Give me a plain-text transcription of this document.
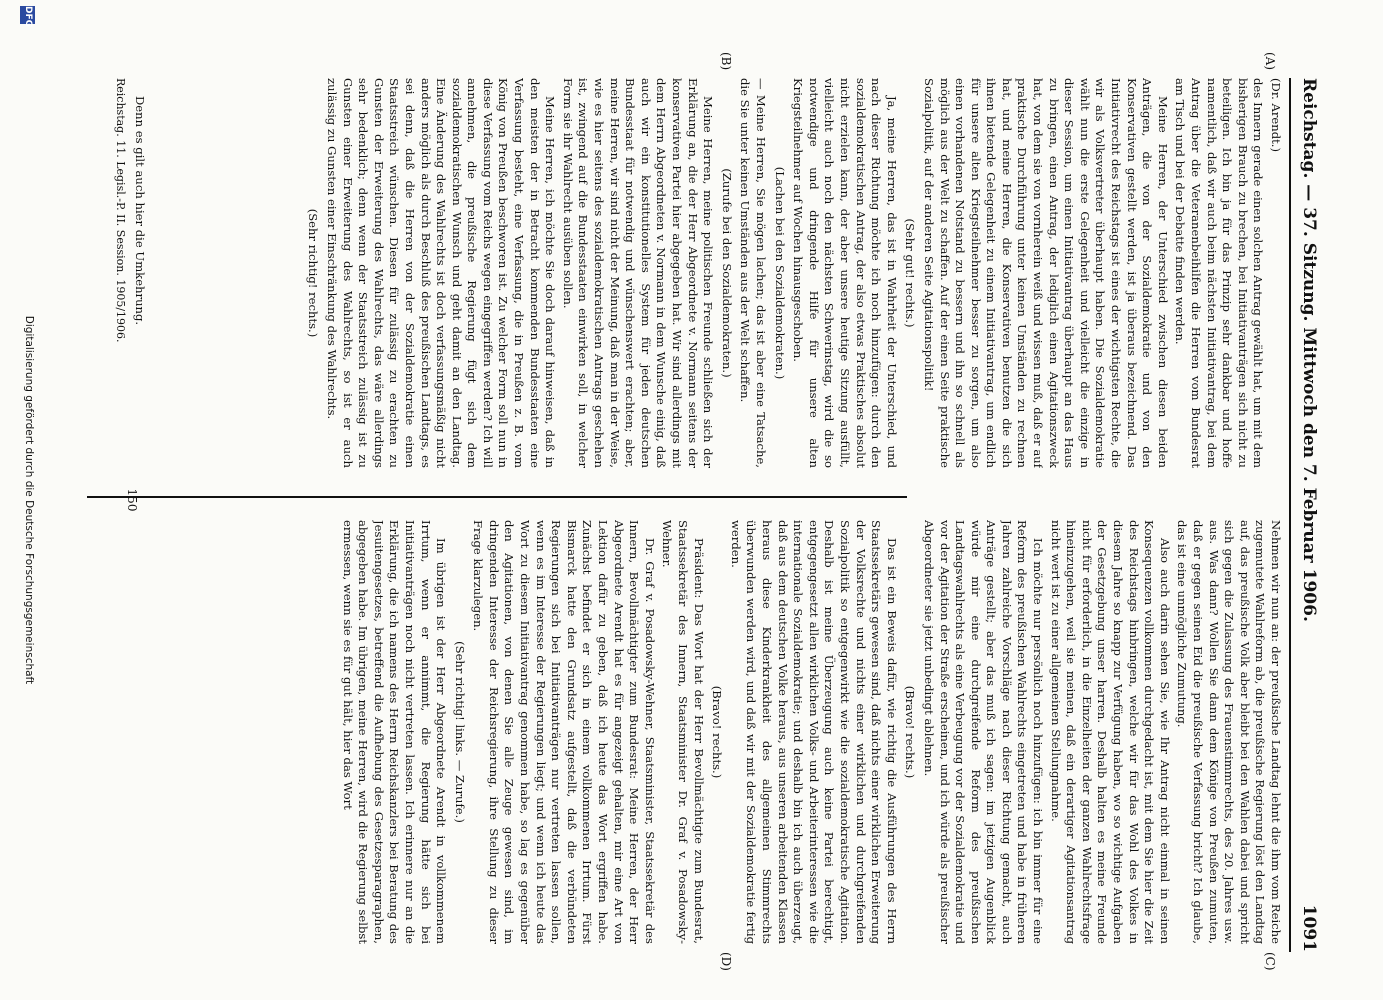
Reichstag. — 37. Sitzung. Mittwoch den 7. Februar 1906.
1091

(Dr. Arendt.)

des Innern gerade einen solchen Antrag gewählt hat, um mit dem bisherigen Brauch zu brechen, bei Initiativanträgen sich nicht zu beteiligen. Ich bin ja für das Prinzip sehr dankbar und hoffe namentlich, daß wir auch beim nächsten Initiativantrag, bei dem Antrag über die Veteranenbeihilfen die Herren vom Bundesrat am Tisch und bei der Debatte finden werden.

Meine Herren, der Unterschied zwischen diesen beiden Anträgen, die von der Sozialdemokratie und von den Konservativen gestellt werden, ist ja überaus bezeichnend. Das Initiativrecht des Reichstags ist eines der wichtigsten Rechte, die wir als Volksvertreter überhaupt haben. Die Sozialdemokratie wählt nun die erste Gelegenheit und vielleicht die einzige in dieser Session, um einen Initiativantrag überhaupt an das Haus zu bringen, einen Antrag, der lediglich einen Agitationszweck hat, von dem sie von vornherein weiß und wissen muß, daß er auf praktische Durchführung unter keinen Umständen zu rechnen hat, und meine Herren, die Konservativen benutzen die sich ihnen bietende Gelegenheit zu einem Initiativantrag, um endlich für unsere alten Kriegsteilnehmer besser zu sorgen, um also einen vorhandenen Notstand zu bessern und ihn so schnell als möglich aus der Welt zu schaffen. Auf der einen Seite praktische Sozialpolitik, auf der anderen Seite Agitationspolitik!

(Sehr gut! rechts.)

Ja, meine Herren, das ist in Wahrheit der Unterschied, und nach dieser Richtung möchte ich noch hinzufügen: durch den sozialdemokratischen Antrag, der also etwas Praktisches absolut nicht erzielen kann, der aber unsere heutige Sitzung ausfüllt, vielleicht auch noch den nächsten Schwerinstag, wird die so notwendige und dringende Hilfe für unsere alten Kriegsteilnehmer auf Wochen hinausgeschoben.

(Lachen bei den Sozialdemokraten.)

— Meine Herren, Sie mögen lachen; das ist aber eine Tatsache, die Sie unter keinen Umständen aus der Welt schaffen.

(Zurufe bei den Sozialdemokraten.)

Meine Herren, meine politischen Freunde schließen sich der Erklärung an, die der Herr Abgeordnete v. Normann seitens der konservativen Partei hier abgegeben hat. Wir sind allerdings mit dem Herrn Abgeordneten v. Normann in dem Wunsche einig, daß auch wir ein konstitutionelles System für jeden deutschen Bundesstaat für notwendig und wünschenswert erachten; aber, meine Herren, wir sind nicht der Meinung, daß man in der Weise, wie es hier seitens des sozialdemokratischen Antrags geschehen ist, zwingend auf die Bundesstaaten einwirken soll, in welcher Form sie ihr Wahlrecht ausüben sollen.

Meine Herren, ich möchte Sie doch darauf hinweisen, daß in den meisten der in Betracht kommenden Bundesstaaten eine Verfassung besteht, eine Verfassung, die in Preußen z. B. vom König von Preußen beschworen ist. Zu welcher Form soll nun in diese Verfassung vom Reichs wegen eingegriffen werden? Ich will annehmen, die preußische Regierung fügt sich dem sozialdemokratischen Wunsch und geht damit an den Landtag. Eine Änderung des Wahlrechts ist doch verfassungsmäßig nicht anders möglich als durch Beschluß des preußischen Landtags, es sei denn, daß die Herren von der Sozialdemokratie einen Staatsstreich wünschen. Diesen für zulässig zu erachten zu Gunsten der Erweiterung des Wahlrechts, das wäre allerdings sehr bedenklich; denn wenn der Staatsstreich zulässig ist zu Gunsten einer Erweiterung des Wahlrechts, so ist er auch zulässig zu Gunsten einer Einschränkung des Wahlrechts.

(Sehr richtig! rechts.)

(A)
(B)

Nehmen wir nun an: der preußische Landtag lehnt die ihm vom Reiche zugemutete Wahlreform ab, die preußische Regierung löst den Landtag auf, das preußische Volk aber bleibt bei den Wahlen dabei und spricht sich gegen die Zulassung des Frauenstimmrechts, des 20. Jahres usw. aus. Was dann? Wollen Sie dann dem Könige von Preußen zumuten, daß er gegen seinen Eid die preußische Verfassung bricht? Ich glaube, das ist eine unmögliche Zumutung.

Also auch darin sehen Sie, wie Ihr Antrag nicht einmal in seinen Konsequenzen vollkommen durchgedacht ist, mit dem Sie hier die Zeit des Reichstags hinbringen, welche wir für das Wohl des Volkes in diesem Jahre so knapp zur Verfügung haben, wo so wichtige Aufgaben der Gesetzgebung unser harren. Deshalb halten es meine Freunde nicht für erforderlich, in die Einzelheiten der ganzen Wahlrechtsfrage hineinzugehen, weil sie meinen, daß ein derartiger Agitationsantrag nicht wert ist zu einer allgemeinen Stellungnahme.

Ich möchte nur persönlich noch hinzufügen: ich bin immer für eine Reform des preußischen Wahlrechts eingetreten und habe in früheren Jahren zahlreiche Vorschläge nach dieser Richtung gemacht, auch Anträge gestellt; aber das muß ich sagen: im jetzigen Augenblick würde mir eine durchgreifende Reform des preußischen Landtagswahlrechts als eine Verbeugung vor der Sozialdemokratie und vor der Agitation der Straße erscheinen, und ich würde als preußischer Abgeordneter sie jetzt unbedingt ablehnen.

(Bravo! rechts.)

Das ist ein Beweis dafür, wie richtig die Ausführungen des Herrn Staatssekretärs gewesen sind, daß nichts einer wirklichen Erweiterung der Volksrechte und nichts einer wirklichen und durchgreifenden Sozialpolitik so entgegenwirkt wie die sozialdemokratische Agitation. Deshalb ist meine Überzeugung auch keine Partei berechtigt, entgegengesetzt allen wirklichen Volks- und Arbeiterinteressen wie die internationale Sozialdemokratie; und deshalb bin ich auch überzeugt, daß aus dem deutschen Volke heraus, aus unseren arbeitenden Klassen heraus diese Kinderkrankheit des allgemeinen Stimmrechts überwunden werden wird, und daß wir mit der Sozialdemokratie fertig werden.

(Bravo! rechts.)

Präsident: Das Wort hat der Herr Bevollmächtigte zum Bundesrat, Staatssekretär des Innern, Staatsminister Dr. Graf v. Posadowsky-Wehner.

Dr. Graf v. Posadowsky-Wehner, Staatsminister, Staatssekretär des Innern, Bevollmächtigter zum Bundesrat: Meine Herren, der Herr Abgeordnete Arendt hat es für angezeigt gehalten, mir eine Art von Lektion dafür zu geben, daß ich heute das Wort ergriffen habe. Zunächst befindet er sich in einem vollkommenen Irrtum. Fürst Bismarck hatte den Grundsatz aufgestellt, daß die verbündeten Regierungen sich bei Initiativanträgen nur vertreten lassen sollen, wenn es im Interesse der Regierungen liegt; und wenn ich heute das Wort zu diesem Initiativantrag genommen habe, so lag es gegenüber den Agitationen, von denen Sie alle Zeuge gewesen sind, im dringenden Interesse der Reichsregierung, ihre Stellung zu dieser Frage klarzulegen.

(Sehr richtig! links. — Zurufe.)

Im übrigen ist der Herr Abgeordnete Arendt in vollkommenem Irrtum, wenn er annimmt, die Regierung hätte sich bei Initiativanträgen noch nicht vertreten lassen. Ich erinnere nur an die Erklärung, die ich namens des Herrn Reichskanzlers bei Beratung des Jesuitengesetzes, betreffend die Aufhebung des Gesetzesparagraphen, abgegeben habe. Im übrigen, meine Herren, wird die Regierung selbst ermessen, wenn sie es für gut hält, hier das Wort

(C)
(D)
Denn es gilt auch hier die Umkehrung.
Reichstag. 11. Legisl.-P. II. Session. 1905/1906.
150
DFG
Digitalisierung gefördert durch die Deutsche Forschungsgemeinschaft
